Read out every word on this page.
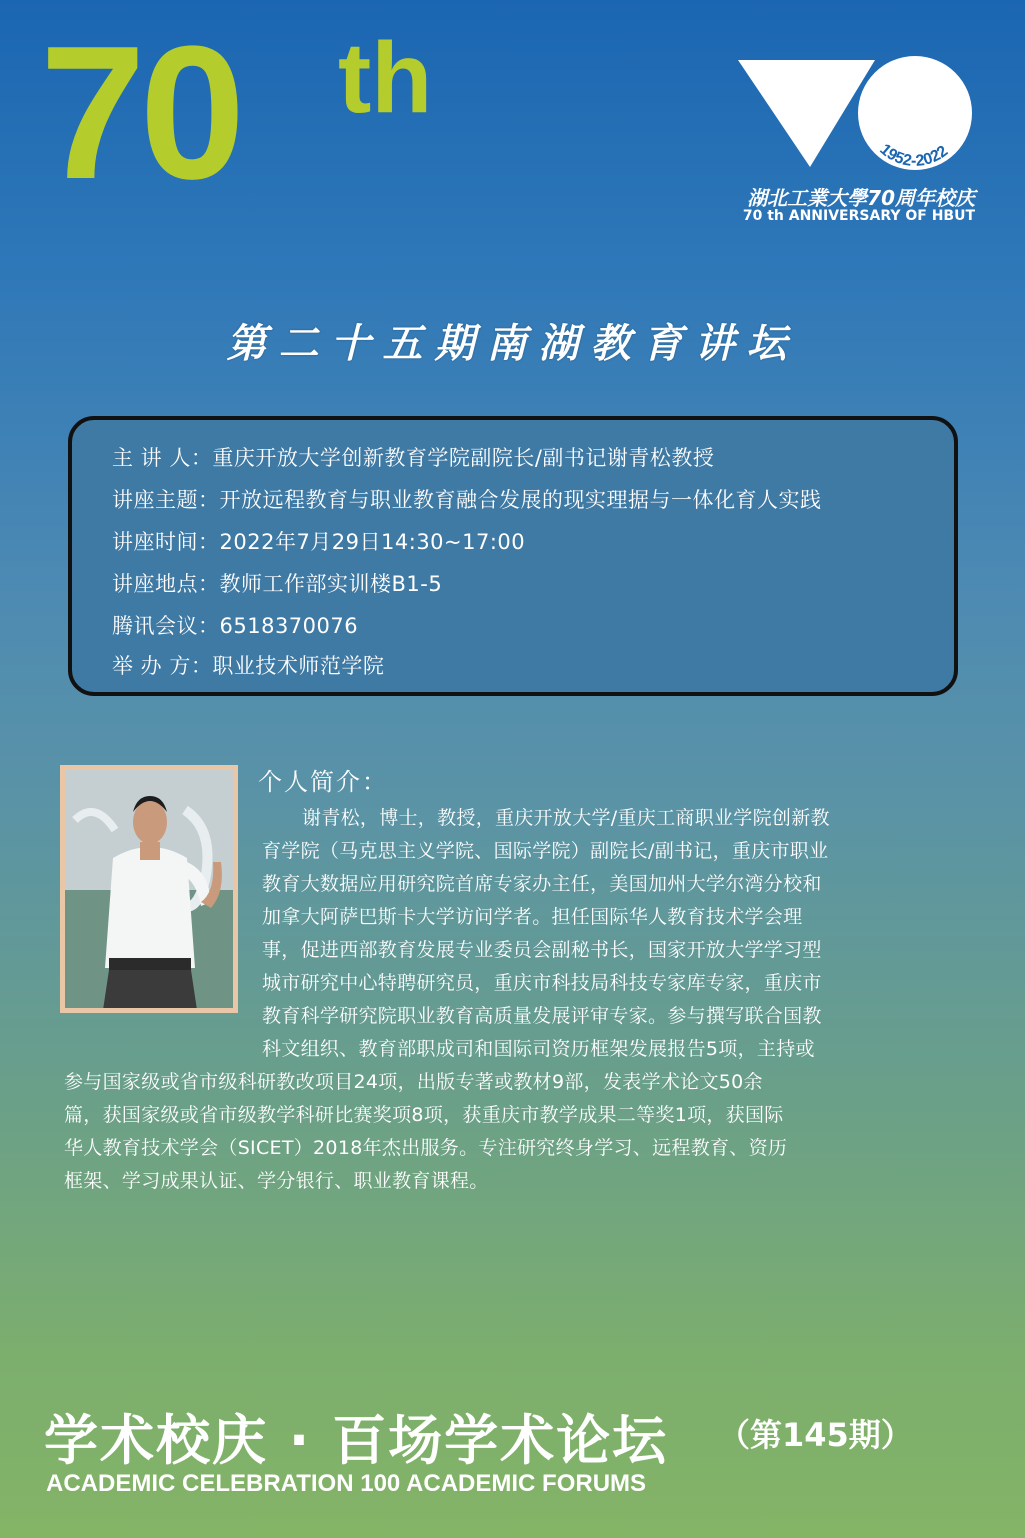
70 th
1952-2022
湖北工業大學70周年校庆
70 th ANNIVERSARY OF HBUT
第二十五期南湖教育讲坛
主 讲 人：重庆开放大学创新教育学院副院长/副书记谢青松教授
讲座主题：开放远程教育与职业教育融合发展的现实理据与一体化育人实践
讲座时间：2022年7月29日14:30~17:00
讲座地点：教师工作部实训楼B1-5
腾讯会议：6518370076
举 办 方：职业技术师范学院
个人简介：
谢青松，博士，教授，重庆开放大学/重庆工商职业学院创新教
育学院（马克思主义学院、国际学院）副院长/副书记，重庆市职业
教育大数据应用研究院首席专家办主任，美国加州大学尔湾分校和
加拿大阿萨巴斯卡大学访问学者。担任国际华人教育技术学会理
事，促进西部教育发展专业委员会副秘书长，国家开放大学学习型
城市研究中心特聘研究员，重庆市科技局科技专家库专家，重庆市
教育科学研究院职业教育高质量发展评审专家。参与撰写联合国教
科文组织、教育部职成司和国际司资历框架发展报告5项，主持或
参与国家级或省市级科研教改项目24项，出版专著或教材9部，发表学术论文50余
篇，获国家级或省市级教学科研比赛奖项8项，获重庆市教学成果二等奖1项，获国际
华人教育技术学会（SICET）2018年杰出服务。专注研究终身学习、远程教育、资历
框架、学习成果认证、学分银行、职业教育课程。
学术校庆 · 百场学术论坛 （第145期）
ACADEMIC CELEBRATION 100 ACADEMIC FORUMS
